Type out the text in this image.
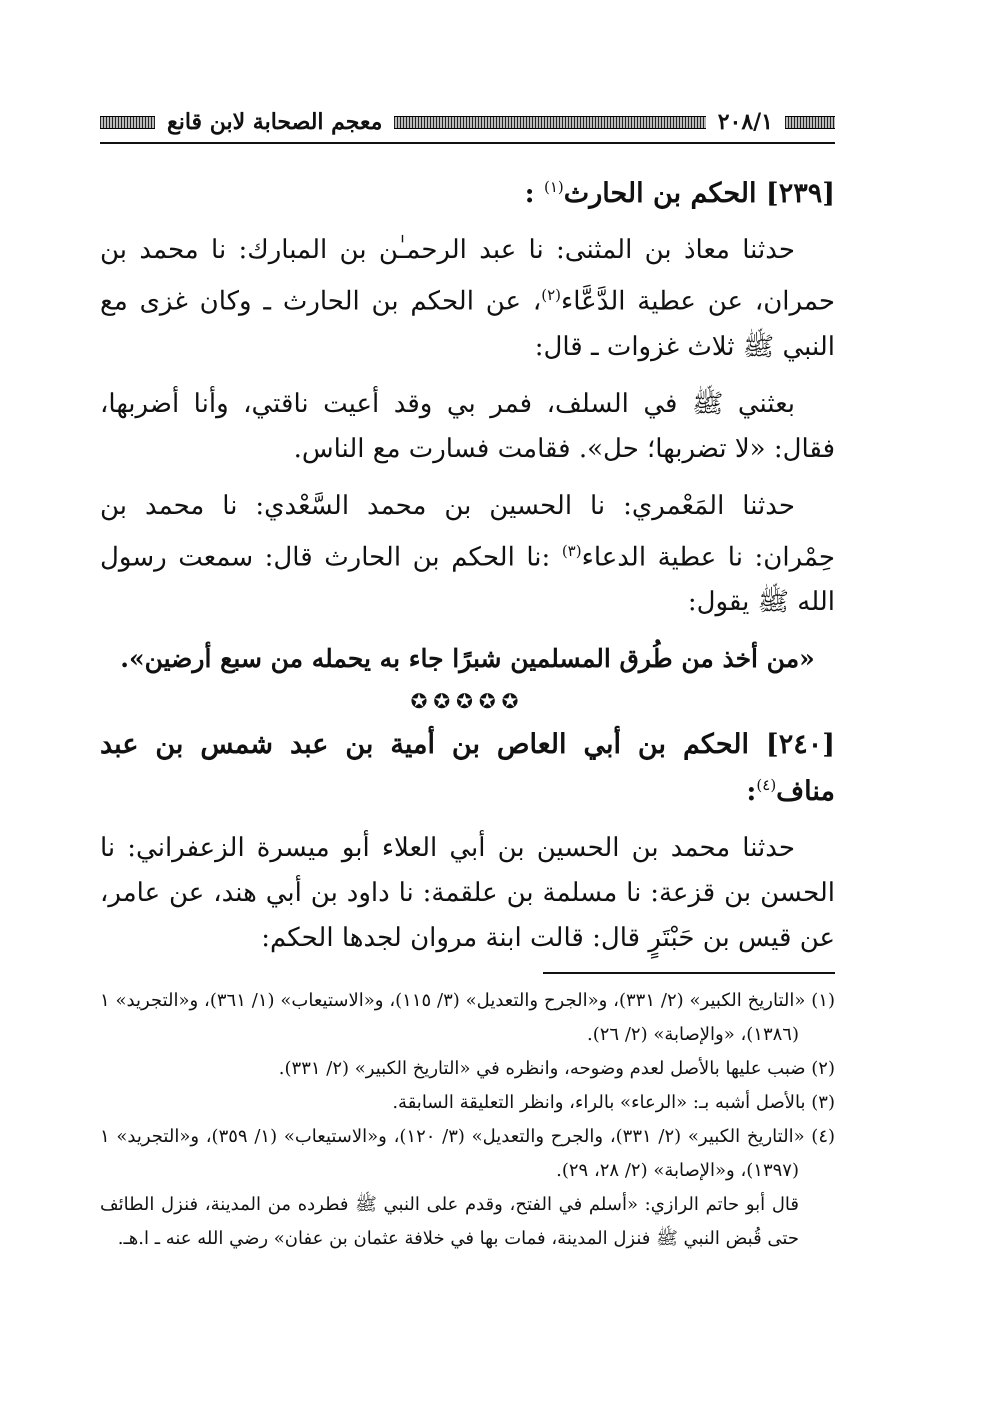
٢٠٨/١
معجم الصحابة لابن قانع
[٢٣٩] الحكم بن الحارث$^{(١)}$ :

حدثنا معاذ بن المثنى: نا عبد الرحمـٰن بن المبارك: نا محمد بن حمران، عن عطية الدَّعَّاء$^{(٢)}$، عن الحكم بن الحارث ـ وكان غزى مع النبي ﷺ ثلاث غزوات ـ قال:

بعثني ﷺ في السلف، فمر بي وقد أعيت ناقتي، وأنا أضربها، فقال: «لا تضربها؛ حل». فقامت فسارت مع الناس.

حدثنا المَعْمري: نا الحسين بن محمد السَّعْدي: نا محمد بن حِمْران: نا عطية الدعاء$^{(٣)}$ :نا الحكم بن الحارث قال: سمعت رسول الله ﷺ يقول:

«من أخذ من طُرق المسلمين شبرًا جاء به يحمله من سبع أرضين».
✪✪✪✪✪
[٢٤٠] الحكم بن أبي العاص بن أمية بن عبد شمس بن عبد مناف$^{(٤)}$:

حدثنا محمد بن الحسين بن أبي العلاء أبو ميسرة الزعفراني: نا الحسن بن قزعة: نا مسلمة بن علقمة: نا داود بن أبي هند، عن عامر، عن قيس بن حَبْتَرٍ قال: قالت ابنة مروان لجدها الحكم:

(١) «التاريخ الكبير» (٢/ ٣٣١)، و«الجرح والتعديل» (٣/ ١١٥)، و«الاستيعاب» (١/ ٣٦١)، و«التجريد» ١ (١٣٨٦)، «والإصابة» (٢/ ٢٦).

(٢) ضبب عليها بالأصل لعدم وضوحه، وانظره في «التاريخ الكبير» (٢/ ٣٣١).

(٣) بالأصل أشبه بـ: «الرعاء» بالراء، وانظر التعليقة السابقة.

(٤) «التاريخ الكبير» (٢/ ٣٣١)، والجرح والتعديل» (٣/ ١٢٠)، و«الاستيعاب» (١/ ٣٥٩)، و«التجريد» ١ (١٣٩٧)، و«الإصابة» (٢/ ٢٨، ٢٩).

قال أبو حاتم الرازي: «أسلم في الفتح، وقدم على النبي ﷺ فطرده من المدينة، فنزل الطائف حتى قُبض النبي ﷺ فنزل المدينة، فمات بها في خلافة عثمان بن عفان» رضي الله عنه ـ ا.هـ.
